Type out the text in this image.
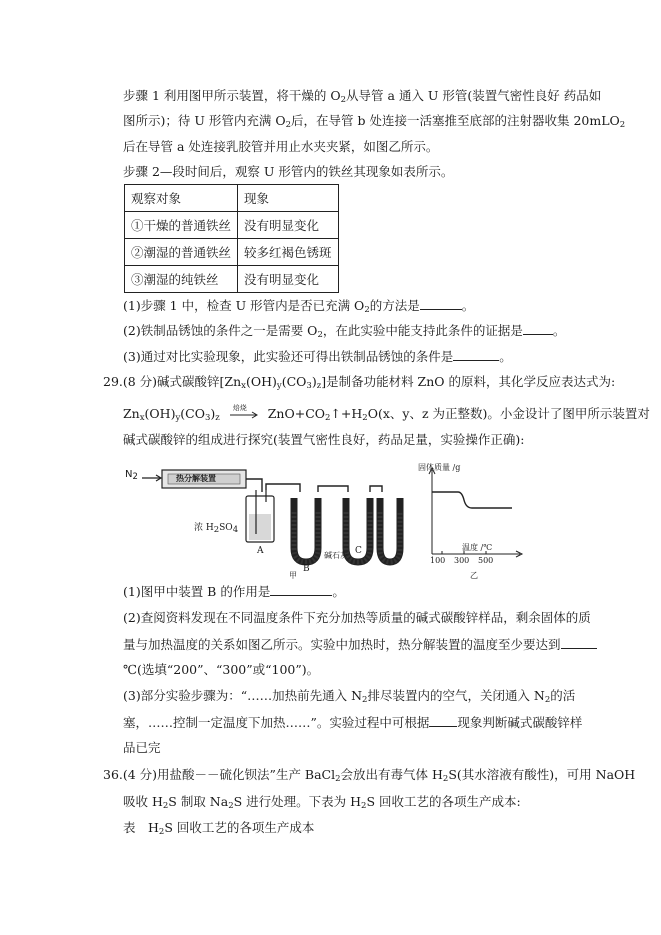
步骤 1 利用图甲所示装置，将干燥的 $O_2$从导管 a 通入 U 形管(装置气密性良好 药品如
图所示)；待 U 形管内充满 $O_2$后，在导管 b 处连接一活塞推至底部的注射器收集 20mLO$_2$
后在导管 a 处连接乳胶管并用止水夹夹紧，如图乙所示。
步骤 2—段时间后，观察 U 形管内的铁丝其现象如表所示。
观察对象	现象
①干燥的普通铁丝	没有明显变化
②潮湿的普通铁丝	较多红褐色锈斑
③潮湿的纯铁丝	没有明显变化
(1)步骤 1 中，检查 U 形管内是否已充满 $O_2$的方法是	。
(2)铁制品锈蚀的条件之一是需要 $O_2$，在此实验中能支持此条件的证据是 。
(3)通过对比实验现象，此实验还可得出铁制品锈蚀的条件是	。
29.(8 分)碱式碳酸锌$[Zn_x(OH)_y(CO_3)_z]$是制备功能材料 ZnO 的原料，其化学反应表达式为:
$Zn_x(OH)_y(CO_3)_z$
焙烧 $ZnO+CO_2↑+H_2O(x$、y、z 为正整数)。小金设计了图甲所示装置对
碱式碳酸锌的组成进行探究(装置气密性良好，药品足量，实验操作正确):
$N_2$	热分解装置
浓 $H_2SO_4$
A
B
C
碱石灰
甲
固体质量 /g
温度 /℃
100 300 500
乙
(1)图甲中装置 B 的作用是	。
(2)查阅资料发现在不同温度条件下充分加热等质量的碱式碳酸锌样品，剩余固体的质
量与加热温度的关系如图乙所示。实验中加热时，热分解装置的温度至少要达到
℃(选填“200”、“300”或“100”)。
(3)部分实验步骤为：“……加热前先通入 $N_2$排尽装置内的空气，关闭通入 $N_2$的活
塞，……控制一定温度下加热……”。实验过程中可根据 现象判断碱式碳酸锌样
品已完
36.(4 分)用盐酸－－硫化钡法”生产 BaCl$_2$会放出有毒气体 $H_2S$(其水溶液有酸性)，可用 NaOH
吸收 $H_2S$ 制取 $Na_2S$ 进行处理。下表为 $H_2S$ 回收工艺的各项生产成本:
表　$H_2S$ 回收工艺的各项生产成本
